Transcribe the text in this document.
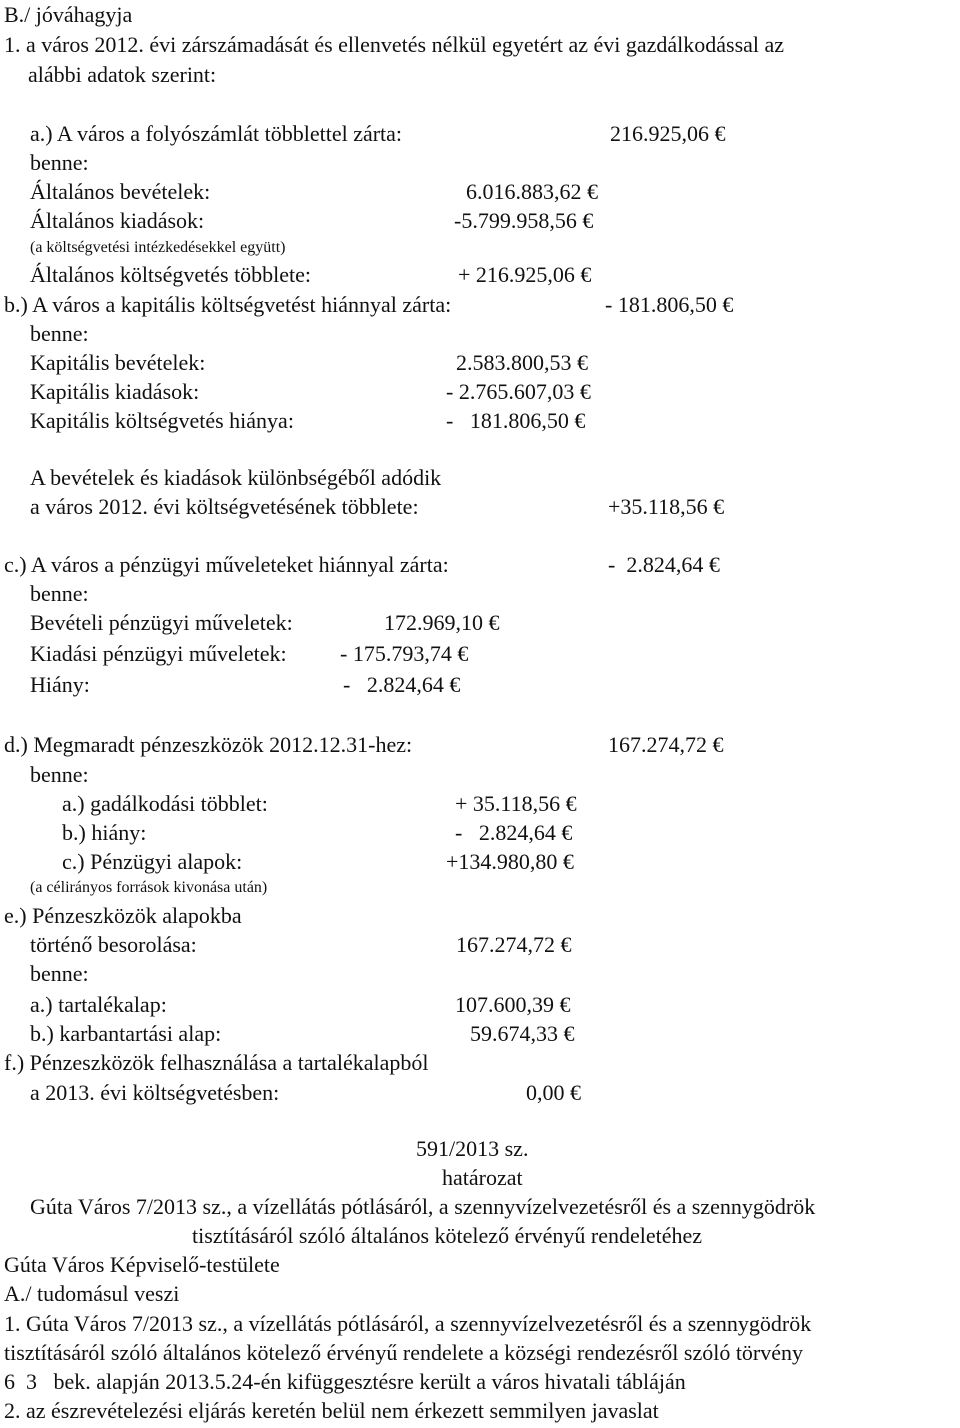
B./ jóváhagyja
1. a város 2012. évi zárszámadását és ellenvetés nélkül egyetért az évi gazdálkodással az
alábbi adatok szerint:
a.) A város a folyószámlát többlettel zárta:	216.925,06 €
benne:
Általános bevételek:	6.016.883,62 €
Általános kiadások:	-5.799.958,56 €
(a költségvetési intézkedésekkel együtt)
Általános költségvetés többlete:	+ 216.925,06 €
b.) A város a kapitális költségvetést hiánnyal zárta:	- 181.806,50 €
benne:
Kapitális bevételek:	2.583.800,53 €
Kapitális kiadások:	- 2.765.607,03 €
Kapitális költségvetés hiánya:	-   181.806,50 €
A bevételek és kiadások különbségéből adódik
a város 2012. évi költségvetésének többlete:	+35.118,56 €
c.) A város a pénzügyi műveleteket hiánnyal zárta:	-  2.824,64 €
benne:
Bevételi pénzügyi műveletek:	172.969,10 €
Kiadási pénzügyi műveletek: - 175.793,74 €
Hiány:	-   2.824,64 €
d.) Megmaradt pénzeszközök 2012.12.31-hez:	167.274,72 €
benne:
a.) gadálkodási többlet:	+ 35.118,56 €
b.) hiány:	-   2.824,64 €
c.) Pénzügyi alapok:	+134.980,80 €
(a célirányos források kivonása után)
e.) Pénzeszközök alapokba
történő besorolása:	167.274,72 €
benne:
a.) tartalékalap:	107.600,39 €
b.) karbantartási alap:	59.674,33 €
f.) Pénzeszközök felhasználása a tartalékalapból
a 2013. évi költségvetésben:	0,00 €
591/2013 sz.
határozat
Gúta Város 7/2013 sz., a vízellátás pótlásáról, a szennyvízelvezetésről és a szennygödrök
tisztításáról szóló általános kötelező érvényű rendeletéhez
Gúta Város Képviselő-testülete
A./ tudomásul veszi
1. Gúta Város 7/2013 sz., a vízellátás pótlásáról, a szennyvízelvezetésről és a szennygödrök
tisztításáról szóló általános kötelező érvényű rendelete a községi rendezésről szóló törvény
6  3   bek. alapján 2013.5.24-én kifüggesztésre került a város hivatali tábláján
2. az észrevételezési eljárás keretén belül nem érkezett semmilyen javaslat
